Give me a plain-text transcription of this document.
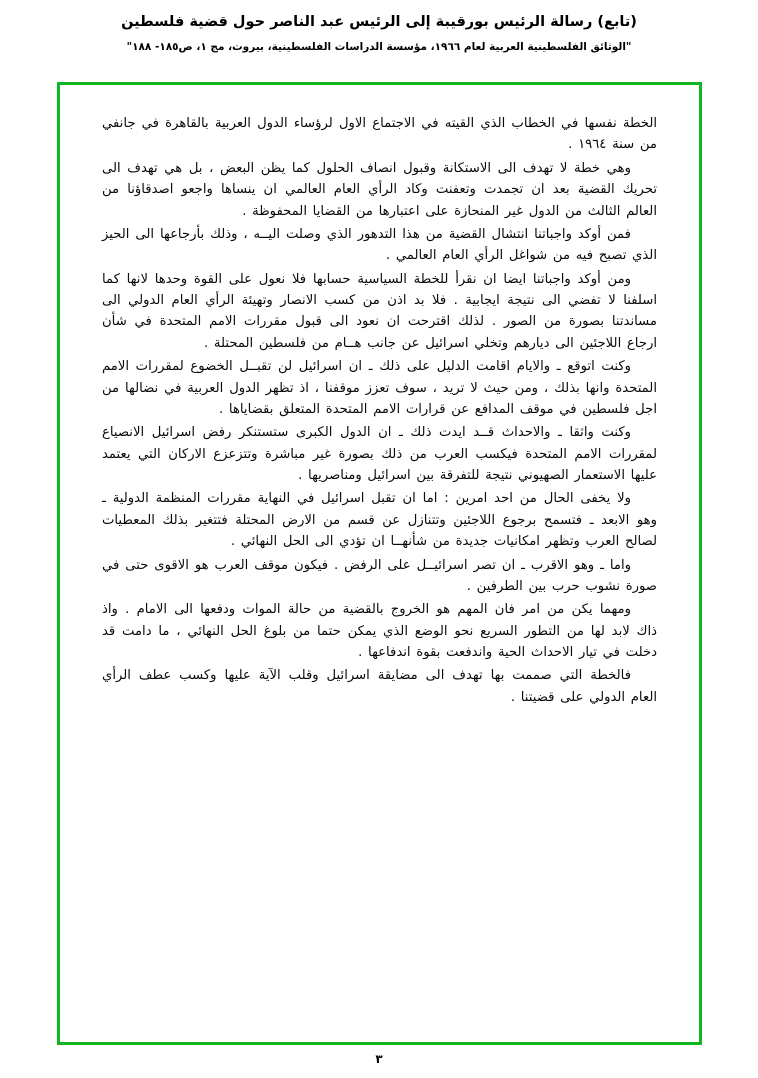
(تابع) رسالة الرئيس بورقيبة إلى الرئيس عبد الناصر حول قضية فلسطين
"الوثائق الفلسطينية العربية لعام ١٩٦٦، مؤسسة الدراسات الفلسطينية، بيروت، مج ١، ص١٨٥- ١٨٨"

الخطة نفسها في الخطاب الذي القيته في الاجتماع الاول لرؤساء الدول العربية بالقاهرة في جانفي من سنة ١٩٦٤ .

وهي خطة لا تهدف الى الاستكانة وقبول انصاف الحلول كما يظن البعض ، بل هي تهدف الى تحريك القضية بعد ان تجمدت وتعفنت وكاد الرأي العام العالمي ان ينساها واجعو اصدقاؤنا من العالم الثالث من الدول غير المنحازة على اعتبارها من القضايا المحفوظة .

فمن أوكد واجباتنا انتشال القضية من هذا التدهور الذي وصلت اليــه ، وذلك بأرجاعها الى الحيز الذي تصبح فيه من شواغل الرأي العام العالمي .

ومن أوكد واجباتنا ايضا ان نقرأ للخطة السياسية حسابها فلا نعول على القوة وحدها لانها كما اسلفنا لا تفضي الى نتيجة ايجابية . فلا بد اذن من كسب الانصار وتهيئة الرأي العام الدولي الى مساندتنا بصورة من الصور . لذلك اقترحت ان نعود الى قبول مقررات الامم المتحدة في شأن ارجاع اللاجئين الى ديارهم وتخلي اسرائيل عن جانب هــام من فلسطين المحتلة .

وكنت اتوقع ـ والايام اقامت الدليل على ذلك ـ ان اسرائيل لن تقبــل الخضوع لمقررات الامم المتحدة وانها بذلك ، ومن حيث لا تريد ، سوف تعزز موقفنا ، اذ تظهر الدول العربية في نضالها من اجل فلسطين في موقف المدافع عن قرارات الامم المتحدة المتعلق بقضاياها .

وكنت واثقا ـ والاحداث قــد ايدت ذلك ـ ان الدول الكبرى ستستنكر رفض اسرائيل الانصياع لمقررات الامم المتحدة فيكسب العرب من ذلك بصورة غير مباشرة وتتزعزع الاركان التي يعتمد عليها الاستعمار الصهيوني نتيجة للتفرقة بين اسرائيل ومناصريها .

ولا يخفى الحال من احد امرين : اما ان تقبل اسرائيل في النهاية مقررات المنظمة الدولية ـ وهو الابعد ـ فتسمح برجوع اللاجئين وتتنازل عن قسم من الارض المحتلة فتتغير بذلك المعطيات لصالح العرب وتظهر امكانيات جديدة من شأنهــا ان تؤدي الى الحل النهائي .

واما ـ وهو الاقرب ـ ان تصر اسرائيــل على الرفض . فيكون موقف العرب هو الاقوى حتى في صورة نشوب حرب بين الطرفين .

ومهما يكن من امر فان المهم هو الخروج بالقضية من حالة الموات ودفعها الى الامام . واذ ذاك لابد لها من التطور السريع نحو الوضع الذي يمكن حتما من بلوغ الحل النهائي ، ما دامت قد دخلت في تيار الاحداث الحية واندفعت بقوة اندفاعها .

فالخطة التي صممت بها تهدف الى مضايقة اسرائيل وقلب الآية عليها وكسب عطف الرأي العام الدولي على قضيتنا .

٣
